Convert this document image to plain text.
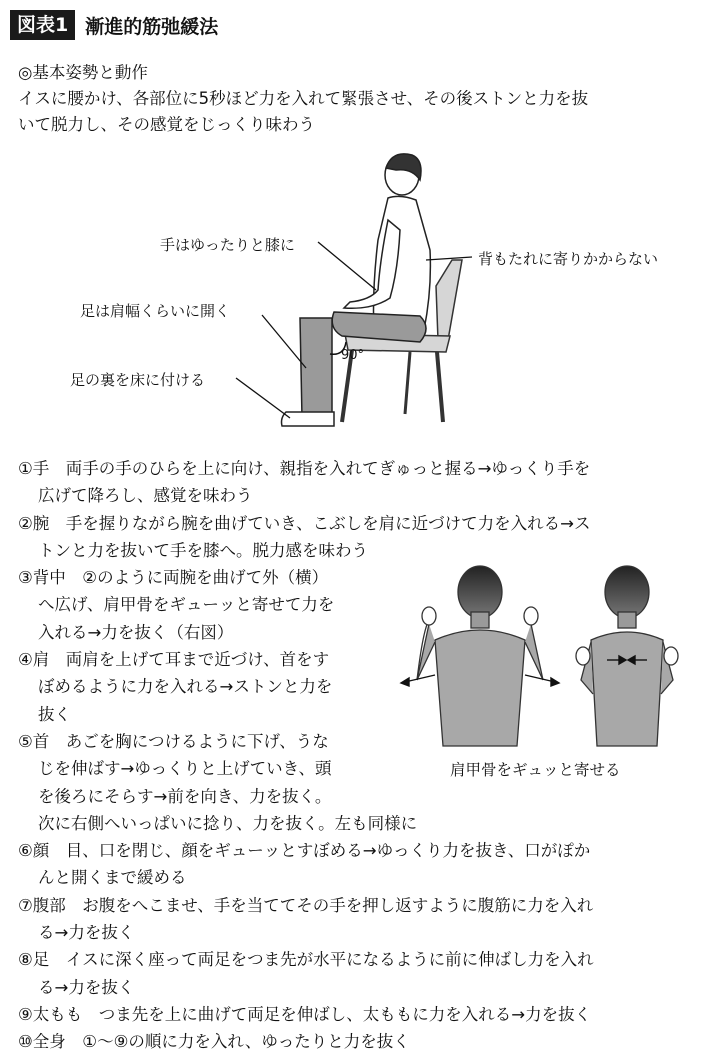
図表1 漸進的筋弛緩法
◎基本姿勢と動作
イスに腰かけ、各部位に5秒ほど力を入れて緊張させ、その後ストンと力を抜
いて脱力し、その感覚をじっくり味わう
手はゆったりと膝に
背もたれに寄りかからない
足は肩幅くらいに開く
90°
足の裏を床に付ける
①手　両手の手のひらを上に向け、親指を入れてぎゅっと握る→ゆっくり手を
広げて降ろし、感覚を味わう
②腕　手を握りながら腕を曲げていき、こぶしを肩に近づけて力を入れる→ス
トンと力を抜いて手を膝へ。脱力感を味わう
③背中　②のように両腕を曲げて外（横）
へ広げ、肩甲骨をギューッと寄せて力を
入れる→力を抜く（右図）
④肩　両肩を上げて耳まで近づけ、首をす
ぼめるように力を入れる→ストンと力を
抜く
⑤首　あごを胸につけるように下げ、うな
じを伸ばす→ゆっくりと上げていき、頭
を後ろにそらす→前を向き、力を抜く。
次に右側へいっぱいに捻り、力を抜く。左も同様に
⑥顔　目、口を閉じ、顔をギューッとすぼめる→ゆっくり力を抜き、口がぽか
んと開くまで緩める
⑦腹部　お腹をへこませ、手を当ててその手を押し返すように腹筋に力を入れ
る→力を抜く
⑧足　イスに深く座って両足をつま先が水平になるように前に伸ばし力を入れ
る→力を抜く
⑨太もも　つま先を上に曲げて両足を伸ばし、太ももに力を入れる→力を抜く
⑩全身　①〜⑨の順に力を入れ、ゆったりと力を抜く
肩甲骨をギュッと寄せる
